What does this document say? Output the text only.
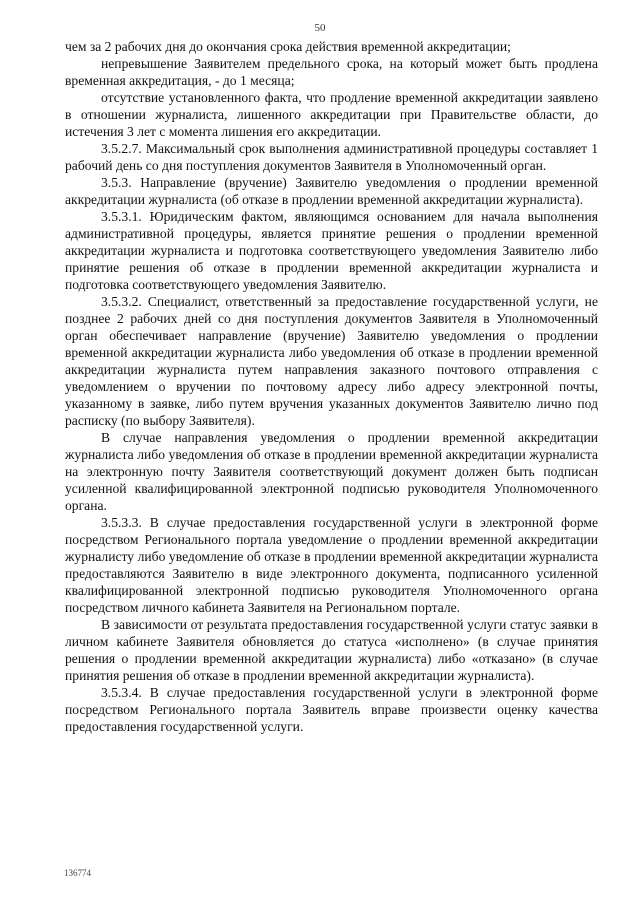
50

чем за 2 рабочих дня до окончания срока действия временной аккредитации;

непревышение Заявителем предельного срока, на который может быть продлена временная аккредитация, - до 1 месяца;

отсутствие установленного факта, что продление временной аккредитации заявлено в отношении журналиста, лишенного аккредитации при Правительстве области, до истечения 3 лет с момента лишения его аккредитации.

3.5.2.7. Максимальный срок выполнения административной процедуры составляет 1 рабочий день со дня поступления документов Заявителя в Уполномоченный орган.

3.5.3. Направление (вручение) Заявителю уведомления о продлении временной аккредитации журналиста (об отказе в продлении временной аккредитации журналиста).

3.5.3.1. Юридическим фактом, являющимся основанием для начала выполнения административной процедуры, является принятие решения о продлении временной аккредитации журналиста и подготовка соответствующего уведомления Заявителю либо принятие решения об отказе в продлении временной аккредитации журналиста и подготовка соответствующего уведомления Заявителю.

3.5.3.2. Специалист, ответственный за предоставление государственной услуги, не позднее 2 рабочих дней со дня поступления документов Заявителя в Уполномоченный орган обеспечивает направление (вручение) Заявителю уведомления о продлении временной аккредитации журналиста либо уведомления об отказе в продлении временной аккредитации журналиста путем направления заказного почтового отправления с уведомлением о вручении по почтовому адресу либо адресу электронной почты, указанному в заявке, либо путем вручения указанных документов Заявителю лично под расписку (по выбору Заявителя).

В случае направления уведомления о продлении временной аккредитации журналиста либо уведомления об отказе в продлении временной аккредитации журналиста на электронную почту Заявителя соответствующий документ должен быть подписан усиленной квалифицированной электронной подписью руководителя Уполномоченного органа.

3.5.3.3. В случае предоставления государственной услуги в электронной форме посредством Регионального портала уведомление о продлении временной аккредитации журналисту либо уведомление об отказе в продлении временной аккредитации журналиста предоставляются Заявителю в виде электронного документа, подписанного усиленной квалифицированной электронной подписью руководителя Уполномоченного органа посредством личного кабинета Заявителя на Региональном портале.

В зависимости от результата предоставления государственной услуги статус заявки в личном кабинете Заявителя обновляется до статуса «исполнено» (в случае принятия решения о продлении временной аккредитации журналиста) либо «отказано» (в случае принятия решения об отказе в продлении временной аккредитации журналиста).

3.5.3.4. В случае предоставления государственной услуги в электронной форме посредством Регионального портала Заявитель вправе произвести оценку качества предоставления государственной услуги.

136774
